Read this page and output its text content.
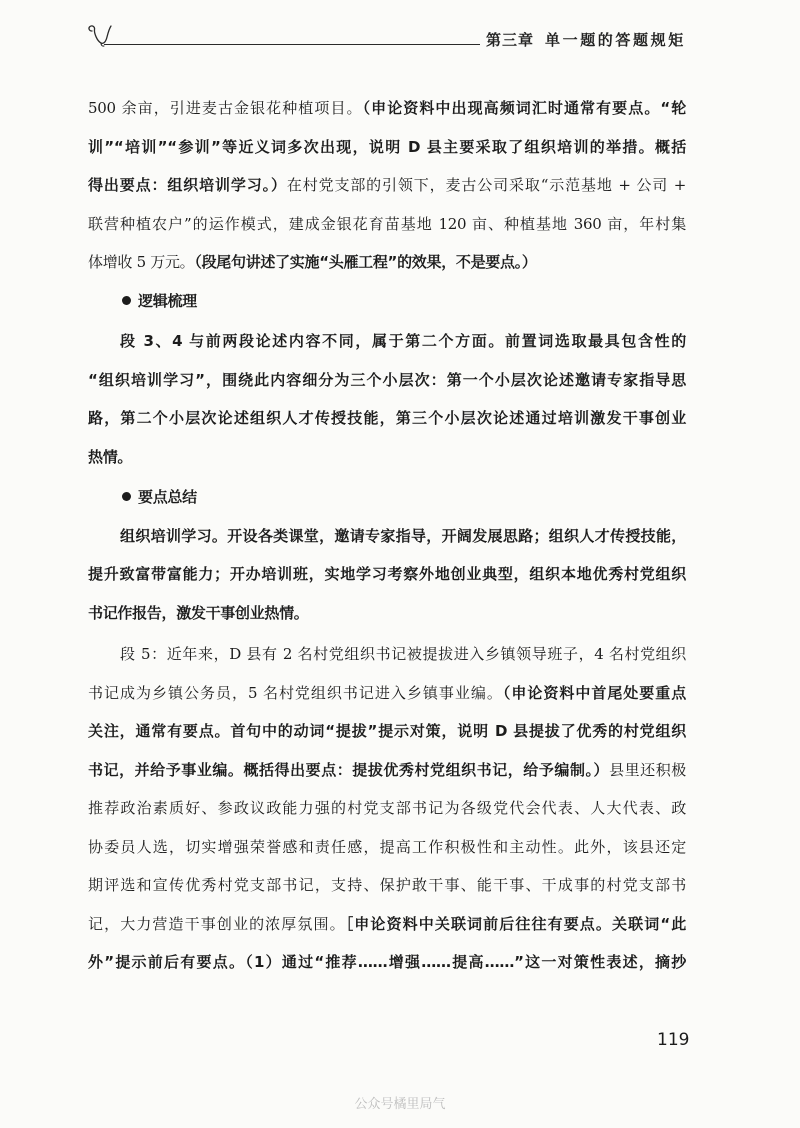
第三章 单一题的答题规矩
500 余亩，引进麦古金银花种植项目。（申论资料中出现高频词汇时通常有要点。“轮
训”“培训”“参训”等近义词多次出现，说明 D 县主要采取了组织培训的举措。概括
得出要点：组织培训学习。）在村党支部的引领下，麦古公司采取“示范基地 + 公司 +
联营种植农户”的运作模式，建成金银花育苗基地 120 亩、种植基地 360 亩，年村集
体增收 5 万元。（段尾句讲述了实施“头雁工程”的效果，不是要点。）
逻辑梳理
段 3、4 与前两段论述内容不同，属于第二个方面。前置词选取最具包含性的
“组织培训学习”，围绕此内容细分为三个小层次：第一个小层次论述邀请专家指导思
路，第二个小层次论述组织人才传授技能，第三个小层次论述通过培训激发干事创业
热情。
要点总结
组织培训学习。开设各类课堂，邀请专家指导，开阔发展思路；组织人才传授技能，
提升致富带富能力；开办培训班，实地学习考察外地创业典型，组织本地优秀村党组织
书记作报告，激发干事创业热情。
段 5：近年来，D 县有 2 名村党组织书记被提拔进入乡镇领导班子，4 名村党组织
书记成为乡镇公务员，5 名村党组织书记进入乡镇事业编。（申论资料中首尾处要重点
关注，通常有要点。首句中的动词“提拔”提示对策，说明 D 县提拔了优秀的村党组织
书记，并给予事业编。概括得出要点：提拔优秀村党组织书记，给予编制。）县里还积极
推荐政治素质好、参政议政能力强的村党支部书记为各级党代会代表、人大代表、政
协委员人选，切实增强荣誉感和责任感，提高工作积极性和主动性。此外，该县还定
期评选和宣传优秀村党支部书记，支持、保护敢干事、能干事、干成事的村党支部书
记，大力营造干事创业的浓厚氛围。［申论资料中关联词前后往往有要点。关联词“此
外”提示前后有要点。（1）通过“推荐……增强……提高……”这一对策性表述，摘抄
119
公众号橘里局气
